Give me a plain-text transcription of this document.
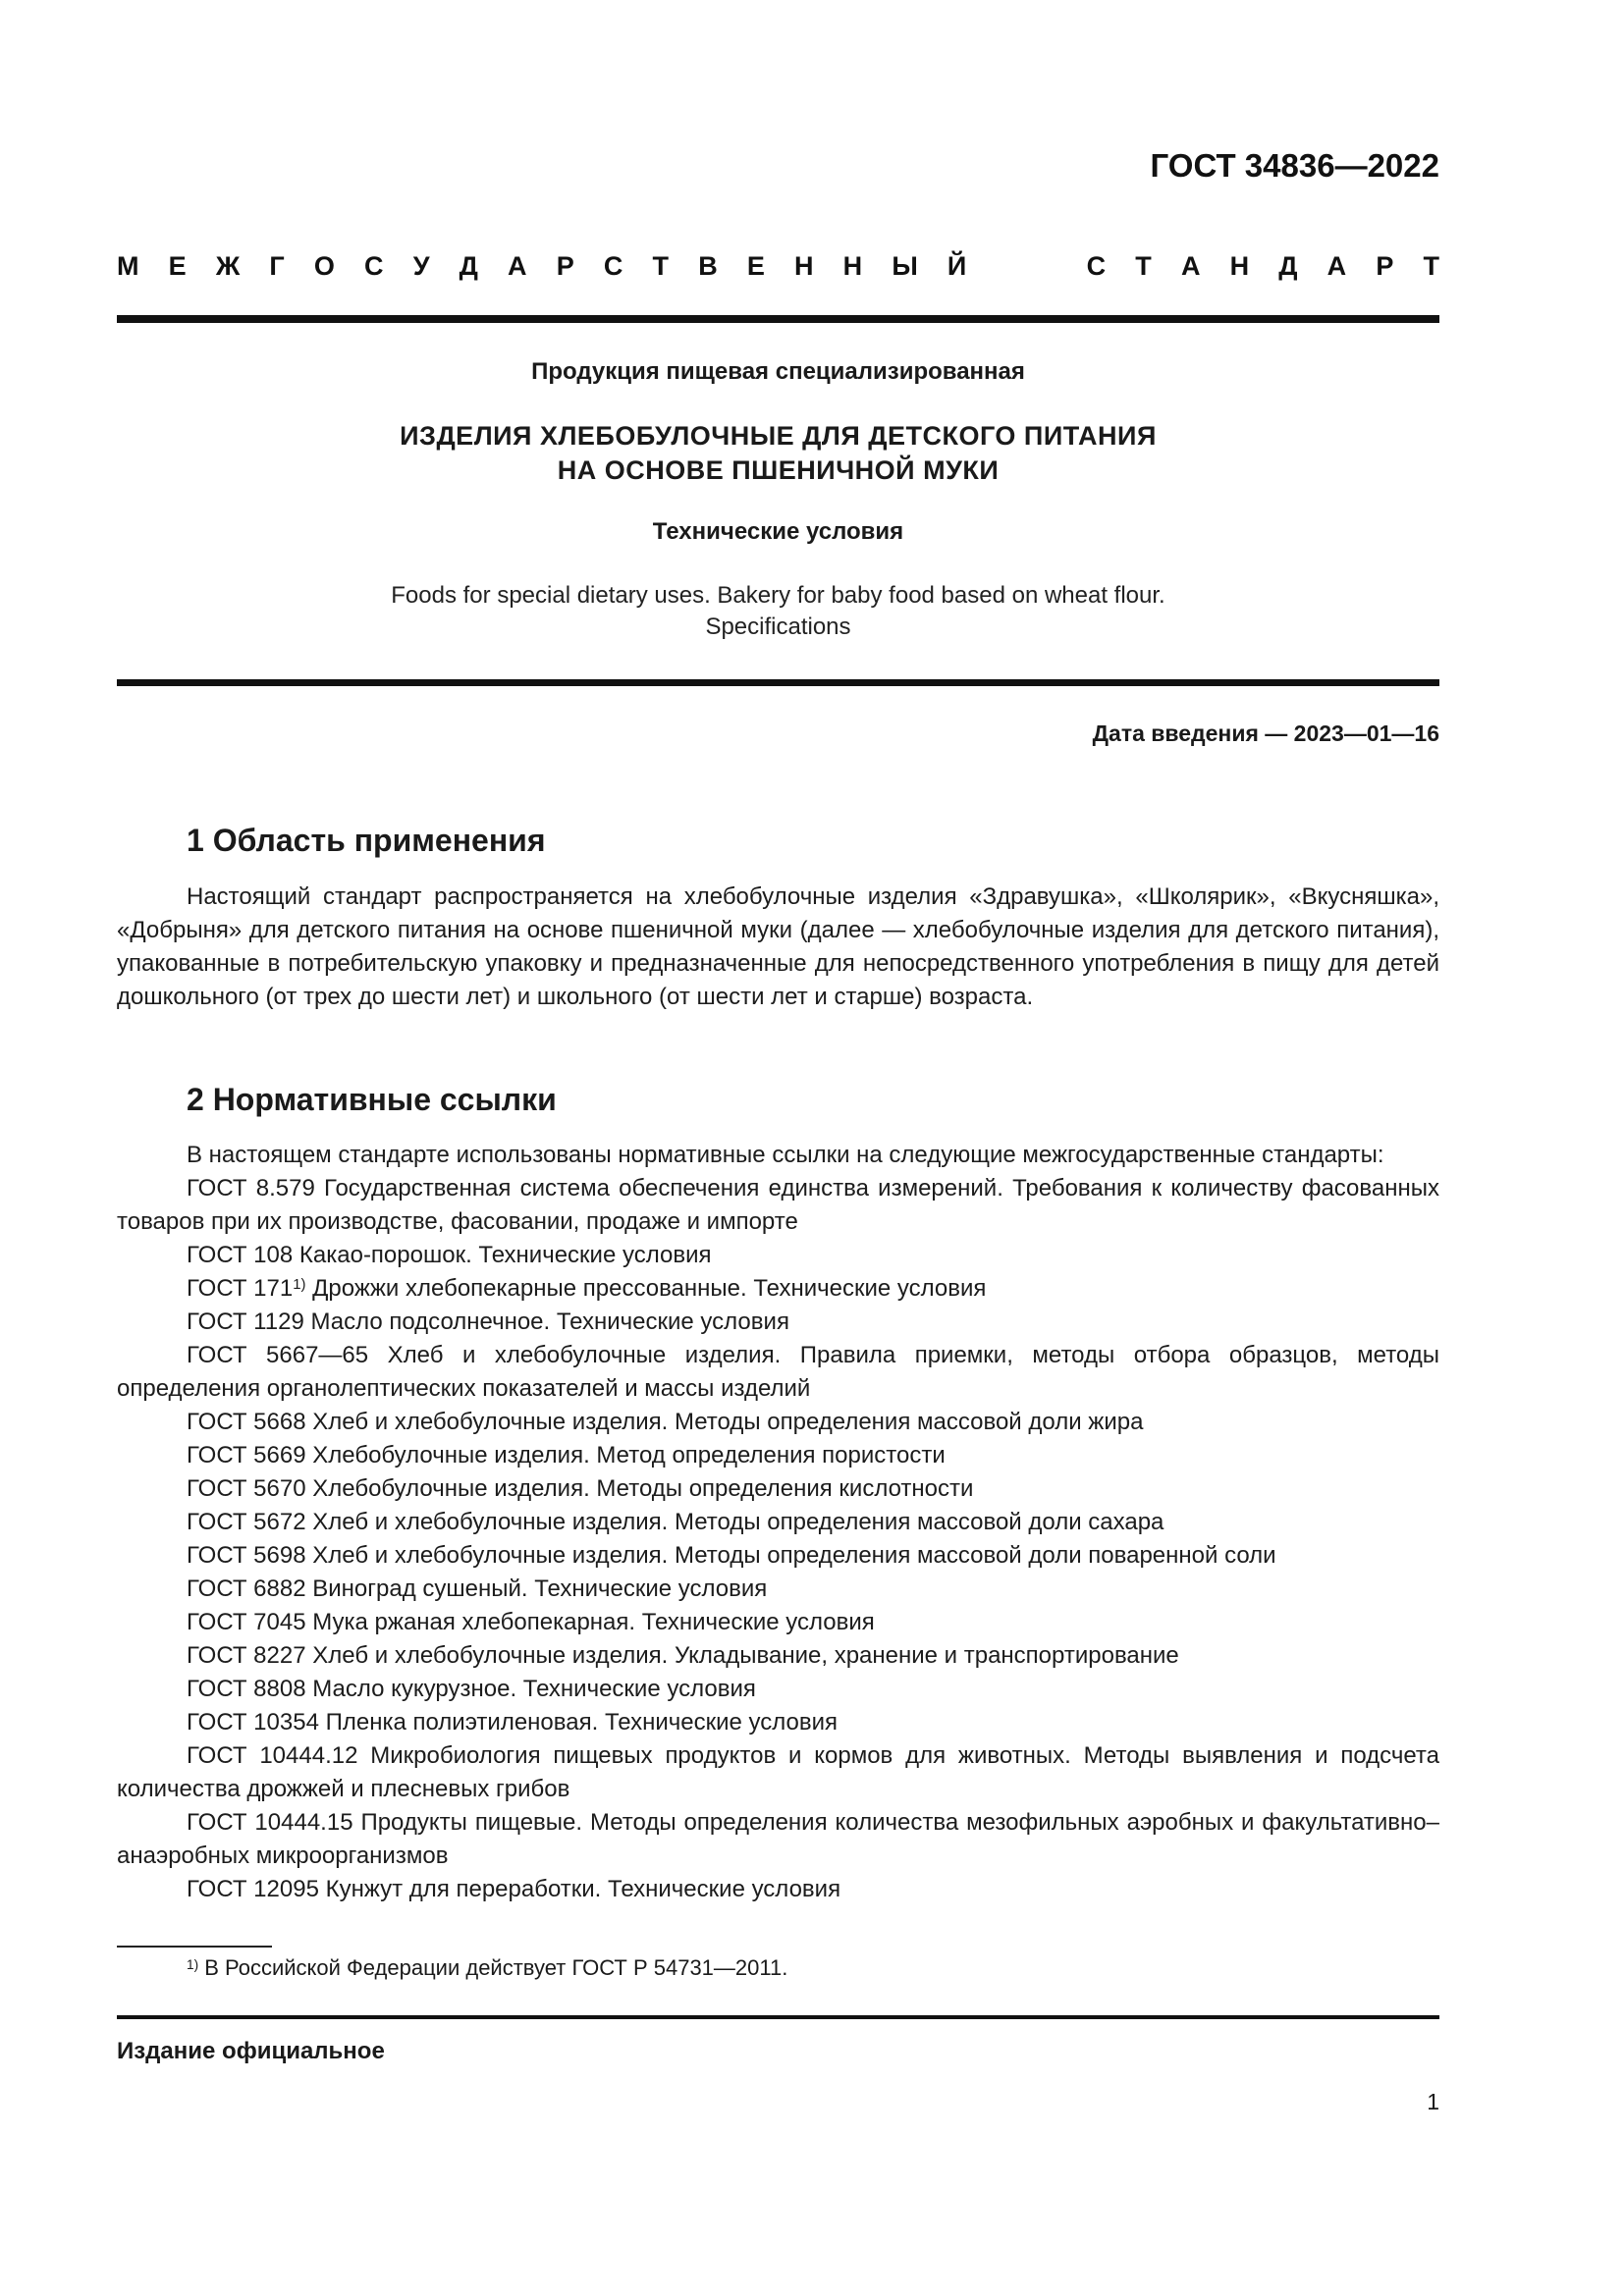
ГОСТ 34836—2022
М Е Ж Г О С У Д А Р С Т В Е Н Н Ы Й	С Т А Н Д А Р Т
Продукция пищевая специализированная
ИЗДЕЛИЯ ХЛЕБОБУЛОЧНЫЕ ДЛЯ ДЕТСКОГО ПИТАНИЯ
НА ОСНОВЕ ПШЕНИЧНОЙ МУКИ
Технические условия
Foods for special dietary uses. Bakery for baby food based on wheat flour.
Specifications
Дата введения — 2023—01—16
1 Область применения
Настоящий стандарт распространяется на хлебобулочные изделия «Здравушка», «Школярик», «Вкусняшка», «Добрыня» для детского питания на основе пшеничной муки (далее — хлебобулочные изделия для детского питания), упакованные в потребительскую упаковку и предназначенные для непосредственного употребления в пищу для детей дошкольного (от трех до шести лет) и школьного (от шести лет и старше) возраста.
2 Нормативные ссылки

В настоящем стандарте использованы нормативные ссылки на следующие межгосударственные стандарты:

ГОСТ 8.579 Государственная система обеспечения единства измерений. Требования к количеству фасованных товаров при их производстве, фасовании, продаже и импорте

ГОСТ 108 Какао-порошок. Технические условия

ГОСТ 171$^{1)}$ Дрожжи хлебопекарные прессованные. Технические условия

ГОСТ 1129 Масло подсолнечное. Технические условия

ГОСТ 5667—65 Хлеб и хлебобулочные изделия. Правила приемки, методы отбора образцов, методы определения органолептических показателей и массы изделий

ГОСТ 5668 Хлеб и хлебобулочные изделия. Методы определения массовой доли жира

ГОСТ 5669 Хлебобулочные изделия. Метод определения пористости

ГОСТ 5670 Хлебобулочные изделия. Методы определения кислотности

ГОСТ 5672 Хлеб и хлебобулочные изделия. Методы определения массовой доли сахара

ГОСТ 5698 Хлеб и хлебобулочные изделия. Методы определения массовой доли поваренной соли

ГОСТ 6882 Виноград сушеный. Технические условия

ГОСТ 7045 Мука ржаная хлебопекарная. Технические условия

ГОСТ 8227 Хлеб и хлебобулочные изделия. Укладывание, хранение и транспортирование

ГОСТ 8808 Масло кукурузное. Технические условия

ГОСТ 10354 Пленка полиэтиленовая. Технические условия

ГОСТ 10444.12 Микробиология пищевых продуктов и кормов для животных. Методы выявления и подсчета количества дрожжей и плесневых грибов

ГОСТ 10444.15 Продукты пищевые. Методы определения количества мезофильных аэробных и факультативно–анаэробных микроорганизмов

ГОСТ 12095 Кунжут для переработки. Технические условия

$^{1)}$ В Российской Федерации действует ГОСТ Р 54731—2011.
Издание официальное
1
